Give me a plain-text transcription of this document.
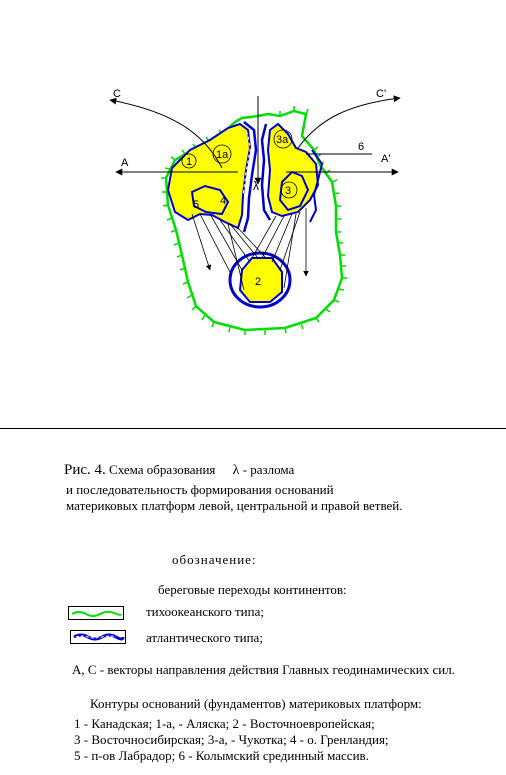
C	C'
A	A'
6
1
1a
3a
3
5 4
2
λ
Рис. 4. Схема образования λ - разлома
и последовательность формирования оснований
материковых платформ левой, центральной и правой ветвей.
обозначение:
береговые переходы континентов:
тихоокеанского типа;
атлантического типа;
A, C - векторы направления действия Главных геодинамических сил.
Контуры оснований (фундаментов) материковых платформ:
1 - Канадская; 1-а, - Аляска; 2 - Восточноевропейская;
3 - Восточносибирская; 3-а, - Чукотка; 4 - о. Гренландия;
5 - п-ов Лабрадор; 6 - Колымский срединный массив.
